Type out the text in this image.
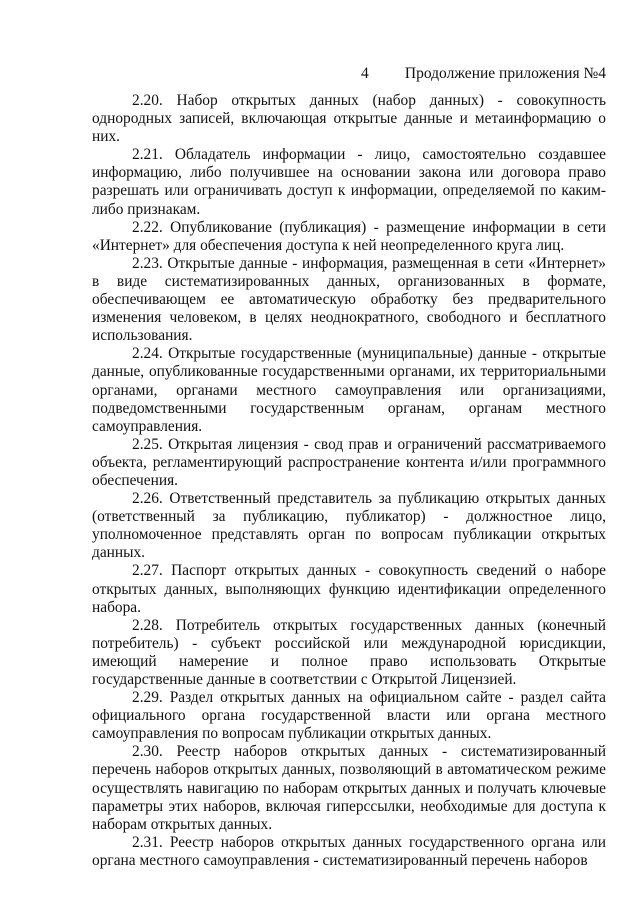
4 Продолжение приложения №4

2.20. Набор открытых данных (набор данных) - совокупность однородных записей, включающая открытые данные и метаинформацию о них.

2.21. Обладатель информации - лицо, самостоятельно создавшее информацию, либо получившее на основании закона или договора право разрешать или ограничивать доступ к информации, определяемой по каким-либо признакам.

2.22. Опубликование (публикация) - размещение информации в сети «Интернет» для обеспечения доступа к ней неопределенного круга лиц.

2.23. Открытые данные - информация, размещенная в сети «Интернет» в виде систематизированных данных, организованных в формате, обеспечивающем ее автоматическую обработку без предварительного изменения человеком, в целях неоднократного, свободного и бесплатного использования.

2.24. Открытые государственные (муниципальные) данные - открытые данные, опубликованные государственными органами, их территориальными органами, органами местного самоуправления или организациями, подведомственными государственным органам, органам местного самоуправления.

2.25. Открытая лицензия - свод прав и ограничений рассматриваемого объекта, регламентирующий распространение контента и/или программного обеспечения.

2.26. Ответственный представитель за публикацию открытых данных (ответственный за публикацию, публикатор) - должностное лицо, уполномоченное представлять орган по вопросам публикации открытых данных.

2.27. Паспорт открытых данных - совокупность сведений о наборе открытых данных, выполняющих функцию идентификации определенного набора.

2.28. Потребитель открытых государственных данных (конечный потребитель) - субъект российской или международной юрисдикции, имеющий намерение и полное право использовать Открытые государственные данные в соответствии с Открытой Лицензией.

2.29. Раздел открытых данных на официальном сайте - раздел сайта официального органа государственной власти или органа местного самоуправления по вопросам публикации открытых данных.

2.30. Реестр наборов открытых данных - систематизированный перечень наборов открытых данных, позволяющий в автоматическом режиме осуществлять навигацию по наборам открытых данных и получать ключевые параметры этих наборов, включая гиперссылки, необходимые для доступа к наборам открытых данных.

2.31. Реестр наборов открытых данных государственного органа или органа местного самоуправления - систематизированный перечень наборов
